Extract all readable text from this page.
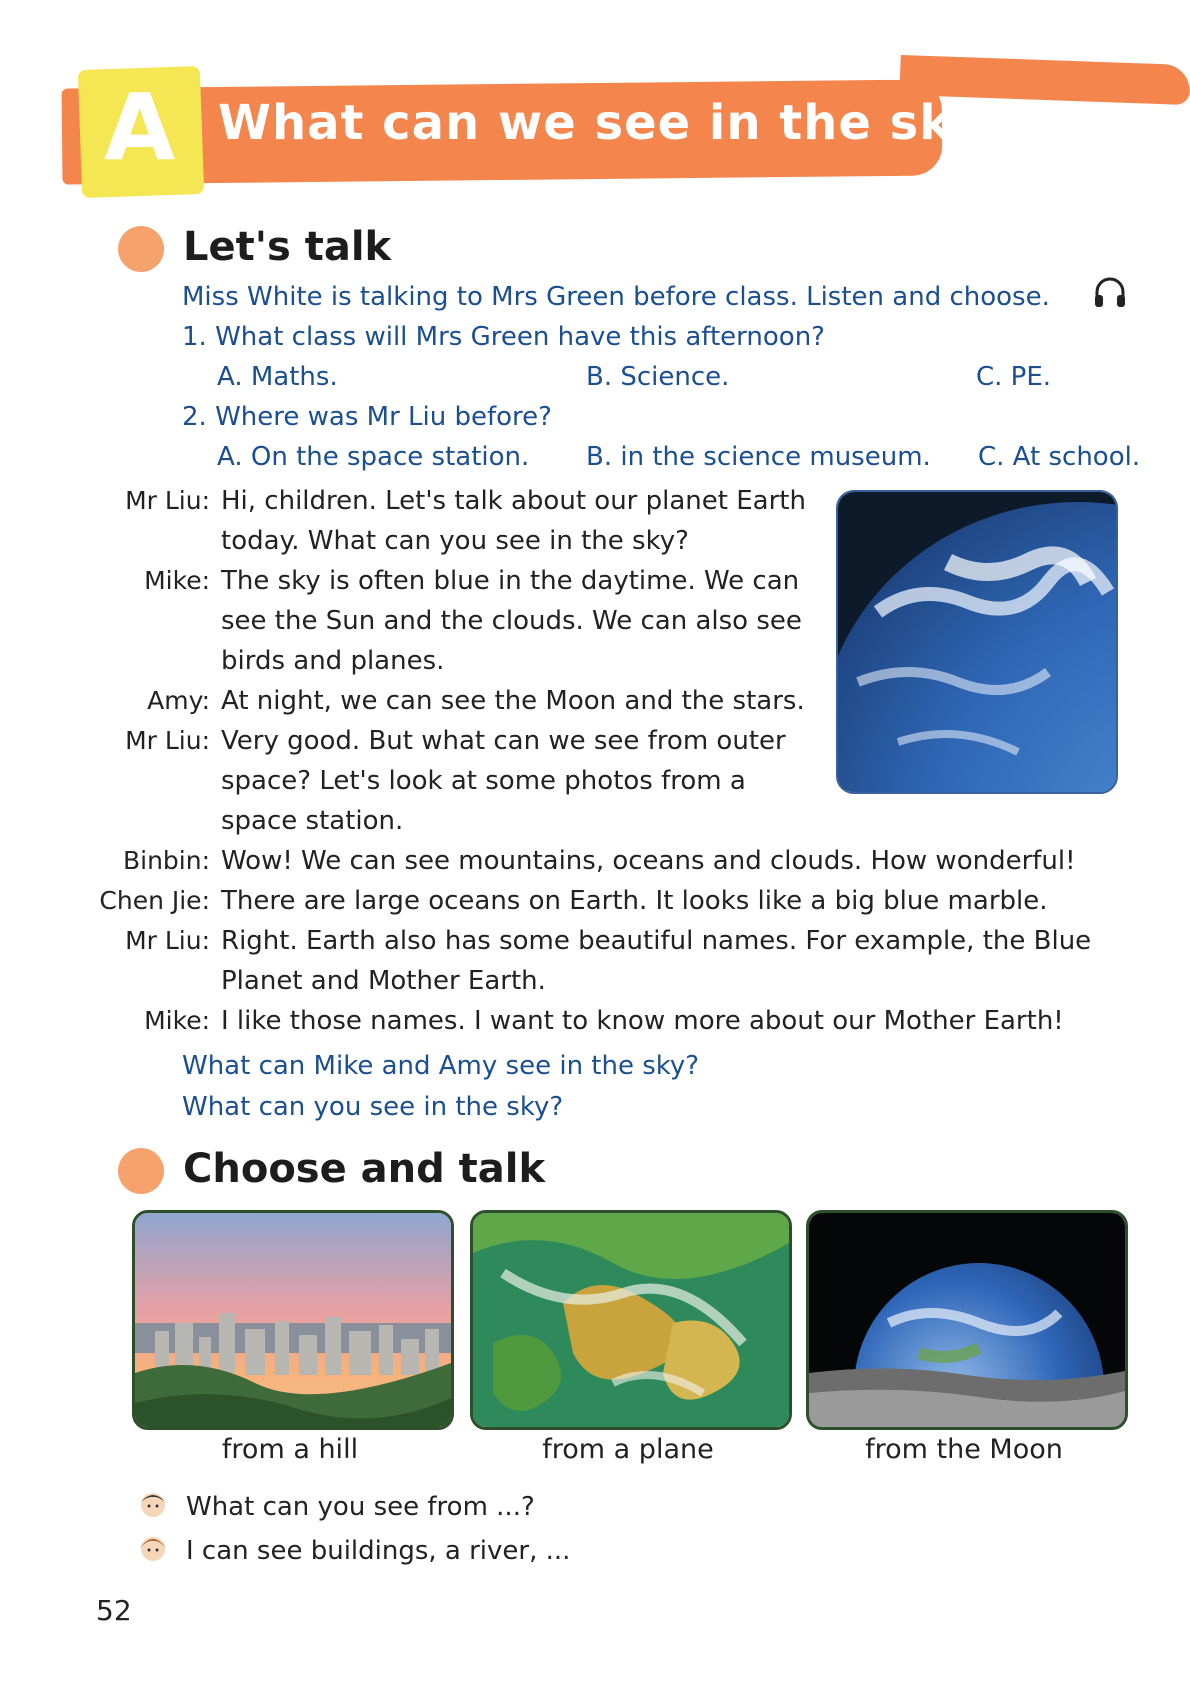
A What can we see in the sky?
Let's talk
Miss White is talking to Mrs Green before class. Listen and choose.
1. What class will Mrs Green have this afternoon?
A. Maths.	B. Science.	C. PE.
2. Where was Mr Liu before?
A. On the space station. B. in the science museum. C. At school.
Mr Liu: Hi, children. Let's talk about our planet Earth
today. What can you see in the sky?
Mike: The sky is often blue in the daytime. We can
see the Sun and the clouds. We can also see
birds and planes.
Amy: At night, we can see the Moon and the stars.
Mr Liu: Very good. But what can we see from outer
space? Let's look at some photos from a
space station.
Binbin: Wow! We can see mountains, oceans and clouds. How wonderful!
Chen Jie: There are large oceans on Earth. It looks like a big blue marble.
Mr Liu: Right. Earth also has some beautiful names. For example, the Blue
Planet and Mother Earth.
Mike: I like those names. I want to know more about our Mother Earth!
What can Mike and Amy see in the sky?
What can you see in the sky?
Choose and talk
from a hill	from a plane	from the Moon
What can you see from ...?
I can see buildings, a river, ...
52
